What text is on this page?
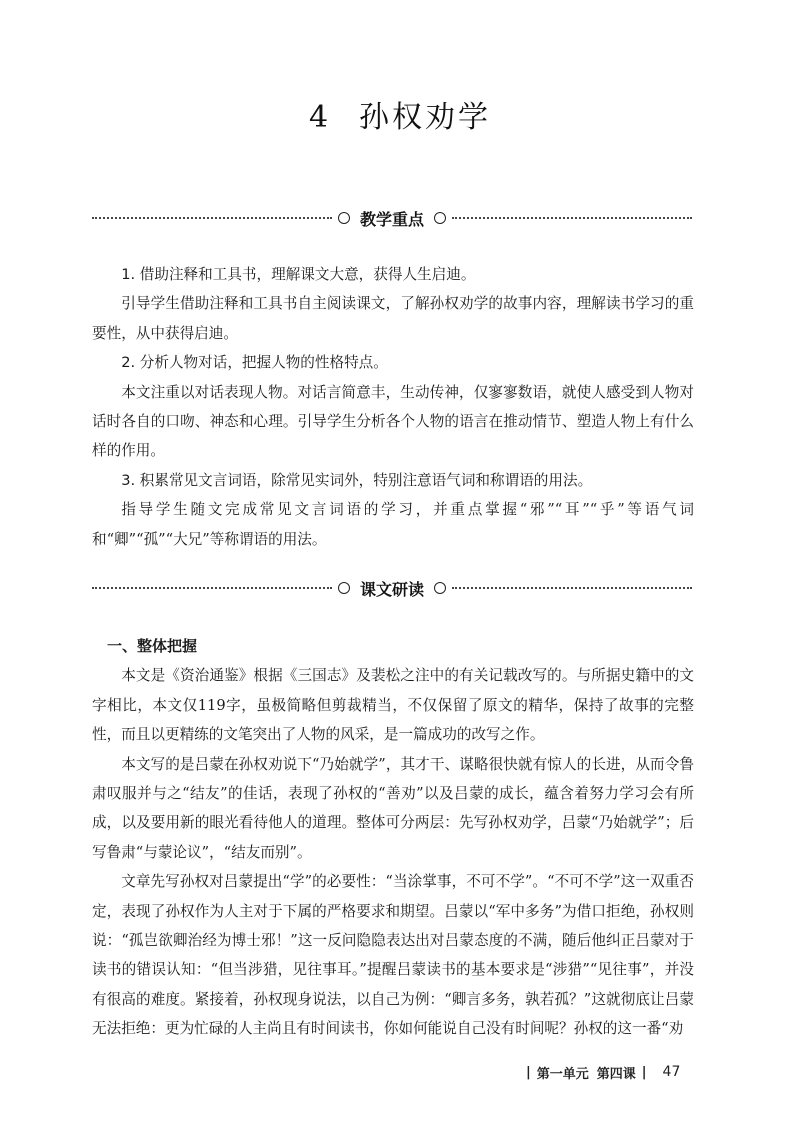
4 孙权劝学
教学重点

1. 借助注释和工具书，理解课文大意，获得人生启迪。

引导学生借助注释和工具书自主阅读课文，了解孙权劝学的故事内容，理解读书学习的重要性，从中获得启迪。

2. 分析人物对话，把握人物的性格特点。

本文注重以对话表现人物。对话言简意丰，生动传神，仅寥寥数语，就使人感受到人物对话时各自的口吻、神态和心理。引导学生分析各个人物的语言在推动情节、塑造人物上有什么样的作用。

3. 积累常见文言词语，除常见实词外，特别注意语气词和称谓语的用法。

指导学生随文完成常见文言词语的学习，并重点掌握“邪”“耳”“乎”等语气词和“卿”“孤”“大兄”等称谓语的用法。

课文研读

一、整体把握

本文是《资治通鉴》根据《三国志》及裴松之注中的有关记载改写的。与所据史籍中的文字相比，本文仅119字，虽极简略但剪裁精当，不仅保留了原文的精华，保持了故事的完整性，而且以更精练的文笔突出了人物的风采，是一篇成功的改写之作。

本文写的是吕蒙在孙权劝说下“乃始就学”，其才干、谋略很快就有惊人的长进，从而令鲁肃叹服并与之“结友”的佳话，表现了孙权的“善劝”以及吕蒙的成长，蕴含着努力学习会有所成，以及要用新的眼光看待他人的道理。整体可分两层：先写孙权劝学，吕蒙“乃始就学”；后写鲁肃“与蒙论议”，“结友而别”。

文章先写孙权对吕蒙提出“学”的必要性：“当涂掌事，不可不学”。“不可不学”这一双重否定，表现了孙权作为人主对于下属的严格要求和期望。吕蒙以“军中多务”为借口拒绝，孙权则说：“孤岂欲卿治经为博士邪！”这一反问隐隐表达出对吕蒙态度的不满，随后他纠正吕蒙对于读书的错误认知：“但当涉猎，见往事耳。”提醒吕蒙读书的基本要求是“涉猎”“见往事”，并没有很高的难度。紧接着，孙权现身说法，以自己为例：“卿言多务，孰若孤？”这就彻底让吕蒙无法拒绝：更为忙碌的人主尚且有时间读书，你如何能说自己没有时间呢？孙权的这一番“劝

| 第一单元 第四课 | 47
